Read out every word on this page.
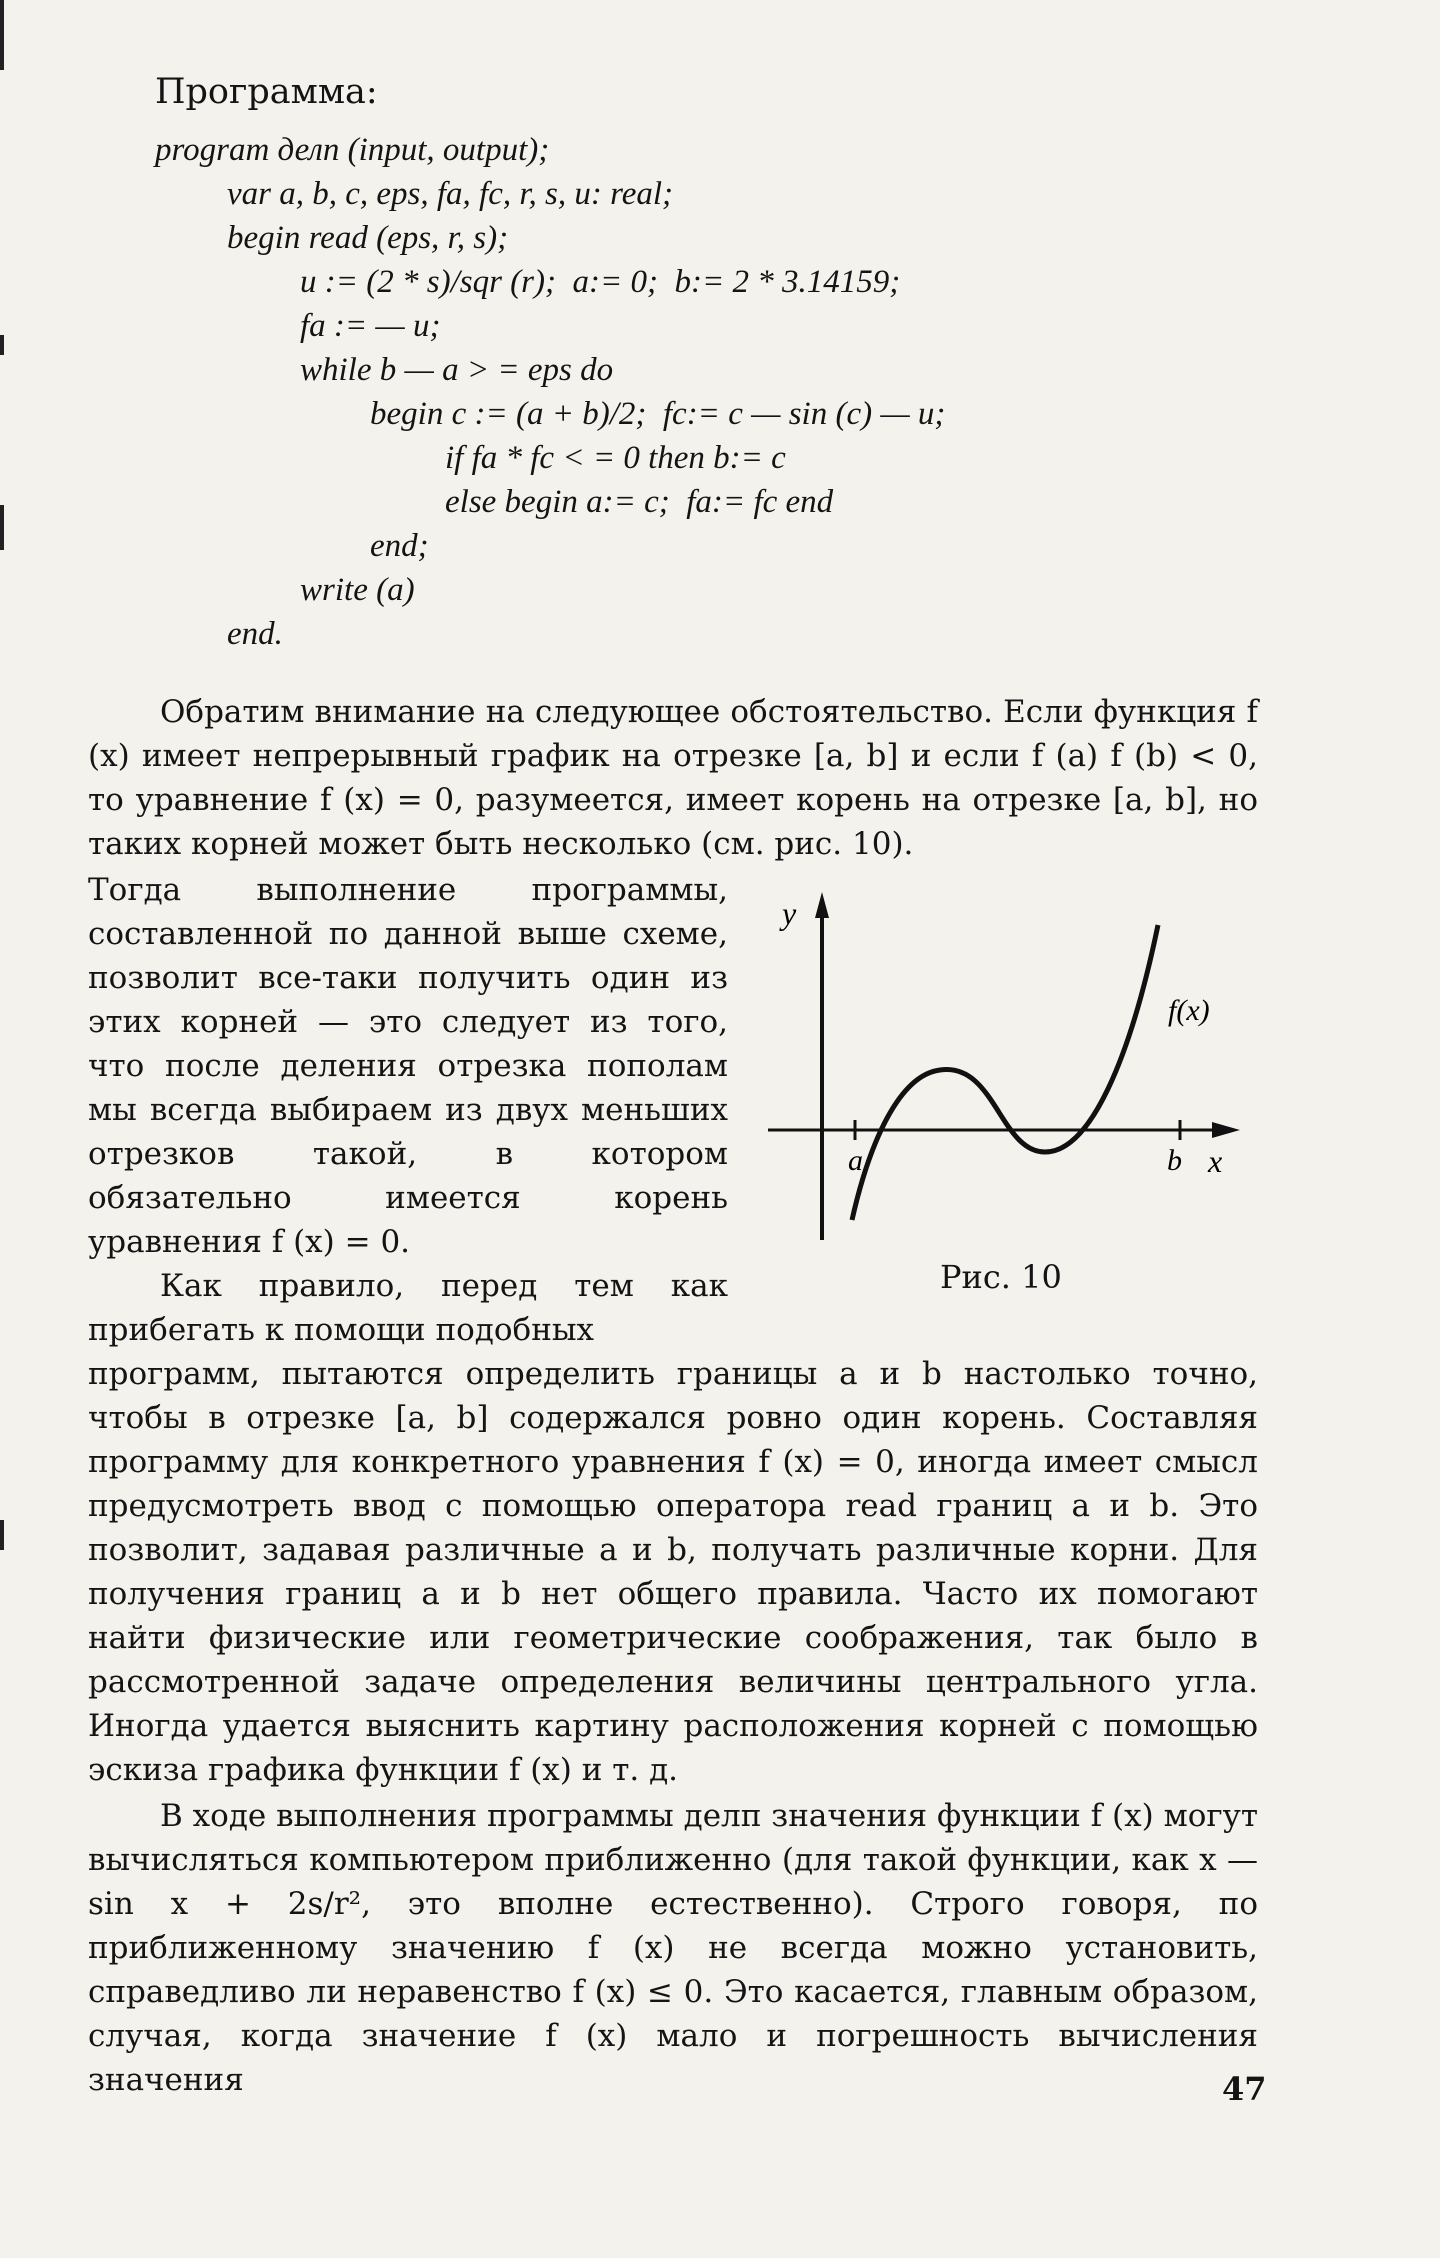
Программа:
program делп (input, output);
var a, b, c, eps, fa, fc, r, s, u: real;
begin read (eps, r, s);
u := (2 * s)/sqr (r);  a:= 0;  b:= 2 * 3.14159;
fa := — u;
while b — a > = eps do
begin c := (a + b)/2;  fc:= c — sin (c) — u;
if fa * fc < = 0 then b:= c
else begin a:= c;  fa:= fc end
end;
write (a)
end.
Обратим внимание на следующее обстоятельство. Если функция f (x) имеет непрерывный график на отрезке [a, b] и если f (a) f (b) < 0, то уравнение f (x) = 0, разумеется, имеет корень на отрезке [a, b], но таких корней может быть несколько (см. рис. 10).
Тогда выполнение программы, составленной по данной выше схеме, позволит все-таки получить один из этих корней — это следует из того, что после деления отрезка пополам мы всегда выбираем из двух меньших отрезков такой, в котором обязательно имеется корень уравнения f (x) = 0.
Как правило, перед тем как прибегать к помощи подобных
программ, пытаются определить границы a и b настолько точно, чтобы в отрезке [a, b] содержался ровно один корень. Составляя программу для конкретного уравнения f (x) = 0, иногда имеет смысл предусмотреть ввод с помощью оператора read границ a и b. Это позволит, задавая различные a и b, получать различные корни. Для получения границ a и b нет общего правила. Часто их помогают найти физические или геометрические соображения, так было в рассмотренной задаче определения величины центрального угла. Иногда удается выяснить картину расположения корней с помощью эскиза графика функции f (x) и т. д.
В ходе выполнения программы делп значения функции f (x) могут вычисляться компьютером приближенно (для такой функции, как x — sin x + 2s/r², это вполне естественно). Строго говоря, по приближенному значению f (x) не всегда можно установить, справедливо ли неравенство f (x) ≤ 0. Это касается, главным образом, случая, когда значение f (x) мало и погрешность вычисления значения
y
x
f(x)
a	b
Рис. 10
47
